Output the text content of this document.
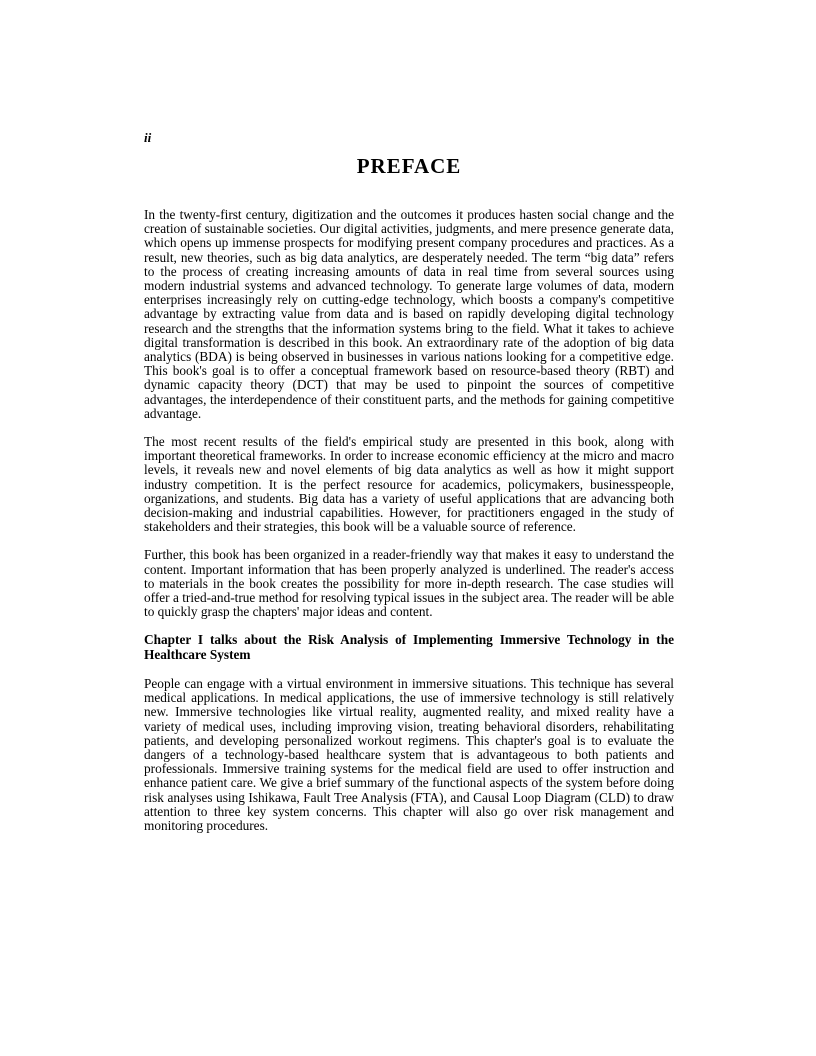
ii
PREFACE

In the twenty-first century, digitization and the outcomes it produces hasten social change and the creation of sustainable societies. Our digital activities, judgments, and mere presence generate data, which opens up immense prospects for modifying present company procedures and practices. As a result, new theories, such as big data analytics, are desperately needed. The term “big data” refers to the process of creating increasing amounts of data in real time from several sources using modern industrial systems and advanced technology. To generate large volumes of data, modern enterprises increasingly rely on cutting-edge technology, which boosts a company's competitive advantage by extracting value from data and is based on rapidly developing digital technology research and the strengths that the information systems bring to the field. What it takes to achieve digital transformation is described in this book. An extraordinary rate of the adoption of big data analytics (BDA) is being observed in businesses in various nations looking for a competitive edge. This book's goal is to offer a conceptual framework based on resource-based theory (RBT) and dynamic capacity theory (DCT) that may be used to pinpoint the sources of competitive advantages, the interdependence of their constituent parts, and the methods for gaining competitive advantage.

The most recent results of the field's empirical study are presented in this book, along with important theoretical frameworks. In order to increase economic efficiency at the micro and macro levels, it reveals new and novel elements of big data analytics as well as how it might support industry competition. It is the perfect resource for academics, policymakers, businesspeople, organizations, and students. Big data has a variety of useful applications that are advancing both decision-making and industrial capabilities. However, for practitioners engaged in the study of stakeholders and their strategies, this book will be a valuable source of reference.

Further, this book has been organized in a reader-friendly way that makes it easy to understand the content. Important information that has been properly analyzed is underlined. The reader's access to materials in the book creates the possibility for more in-depth research. The case studies will offer a tried-and-true method for resolving typical issues in the subject area. The reader will be able to quickly grasp the chapters' major ideas and content.

Chapter I talks about the Risk Analysis of Implementing Immersive Technology in the Healthcare System

People can engage with a virtual environment in immersive situations. This technique has several medical applications. In medical applications, the use of immersive technology is still relatively new. Immersive technologies like virtual reality, augmented reality, and mixed reality have a variety of medical uses, including improving vision, treating behavioral disorders, rehabilitating patients, and developing personalized workout regimens. This chapter's goal is to evaluate the dangers of a technology-based healthcare system that is advantageous to both patients and professionals. Immersive training systems for the medical field are used to offer instruction and enhance patient care. We give a brief summary of the functional aspects of the system before doing risk analyses using Ishikawa, Fault Tree Analysis (FTA), and Causal Loop Diagram (CLD) to draw attention to three key system concerns. This chapter will also go over risk management and monitoring procedures.
